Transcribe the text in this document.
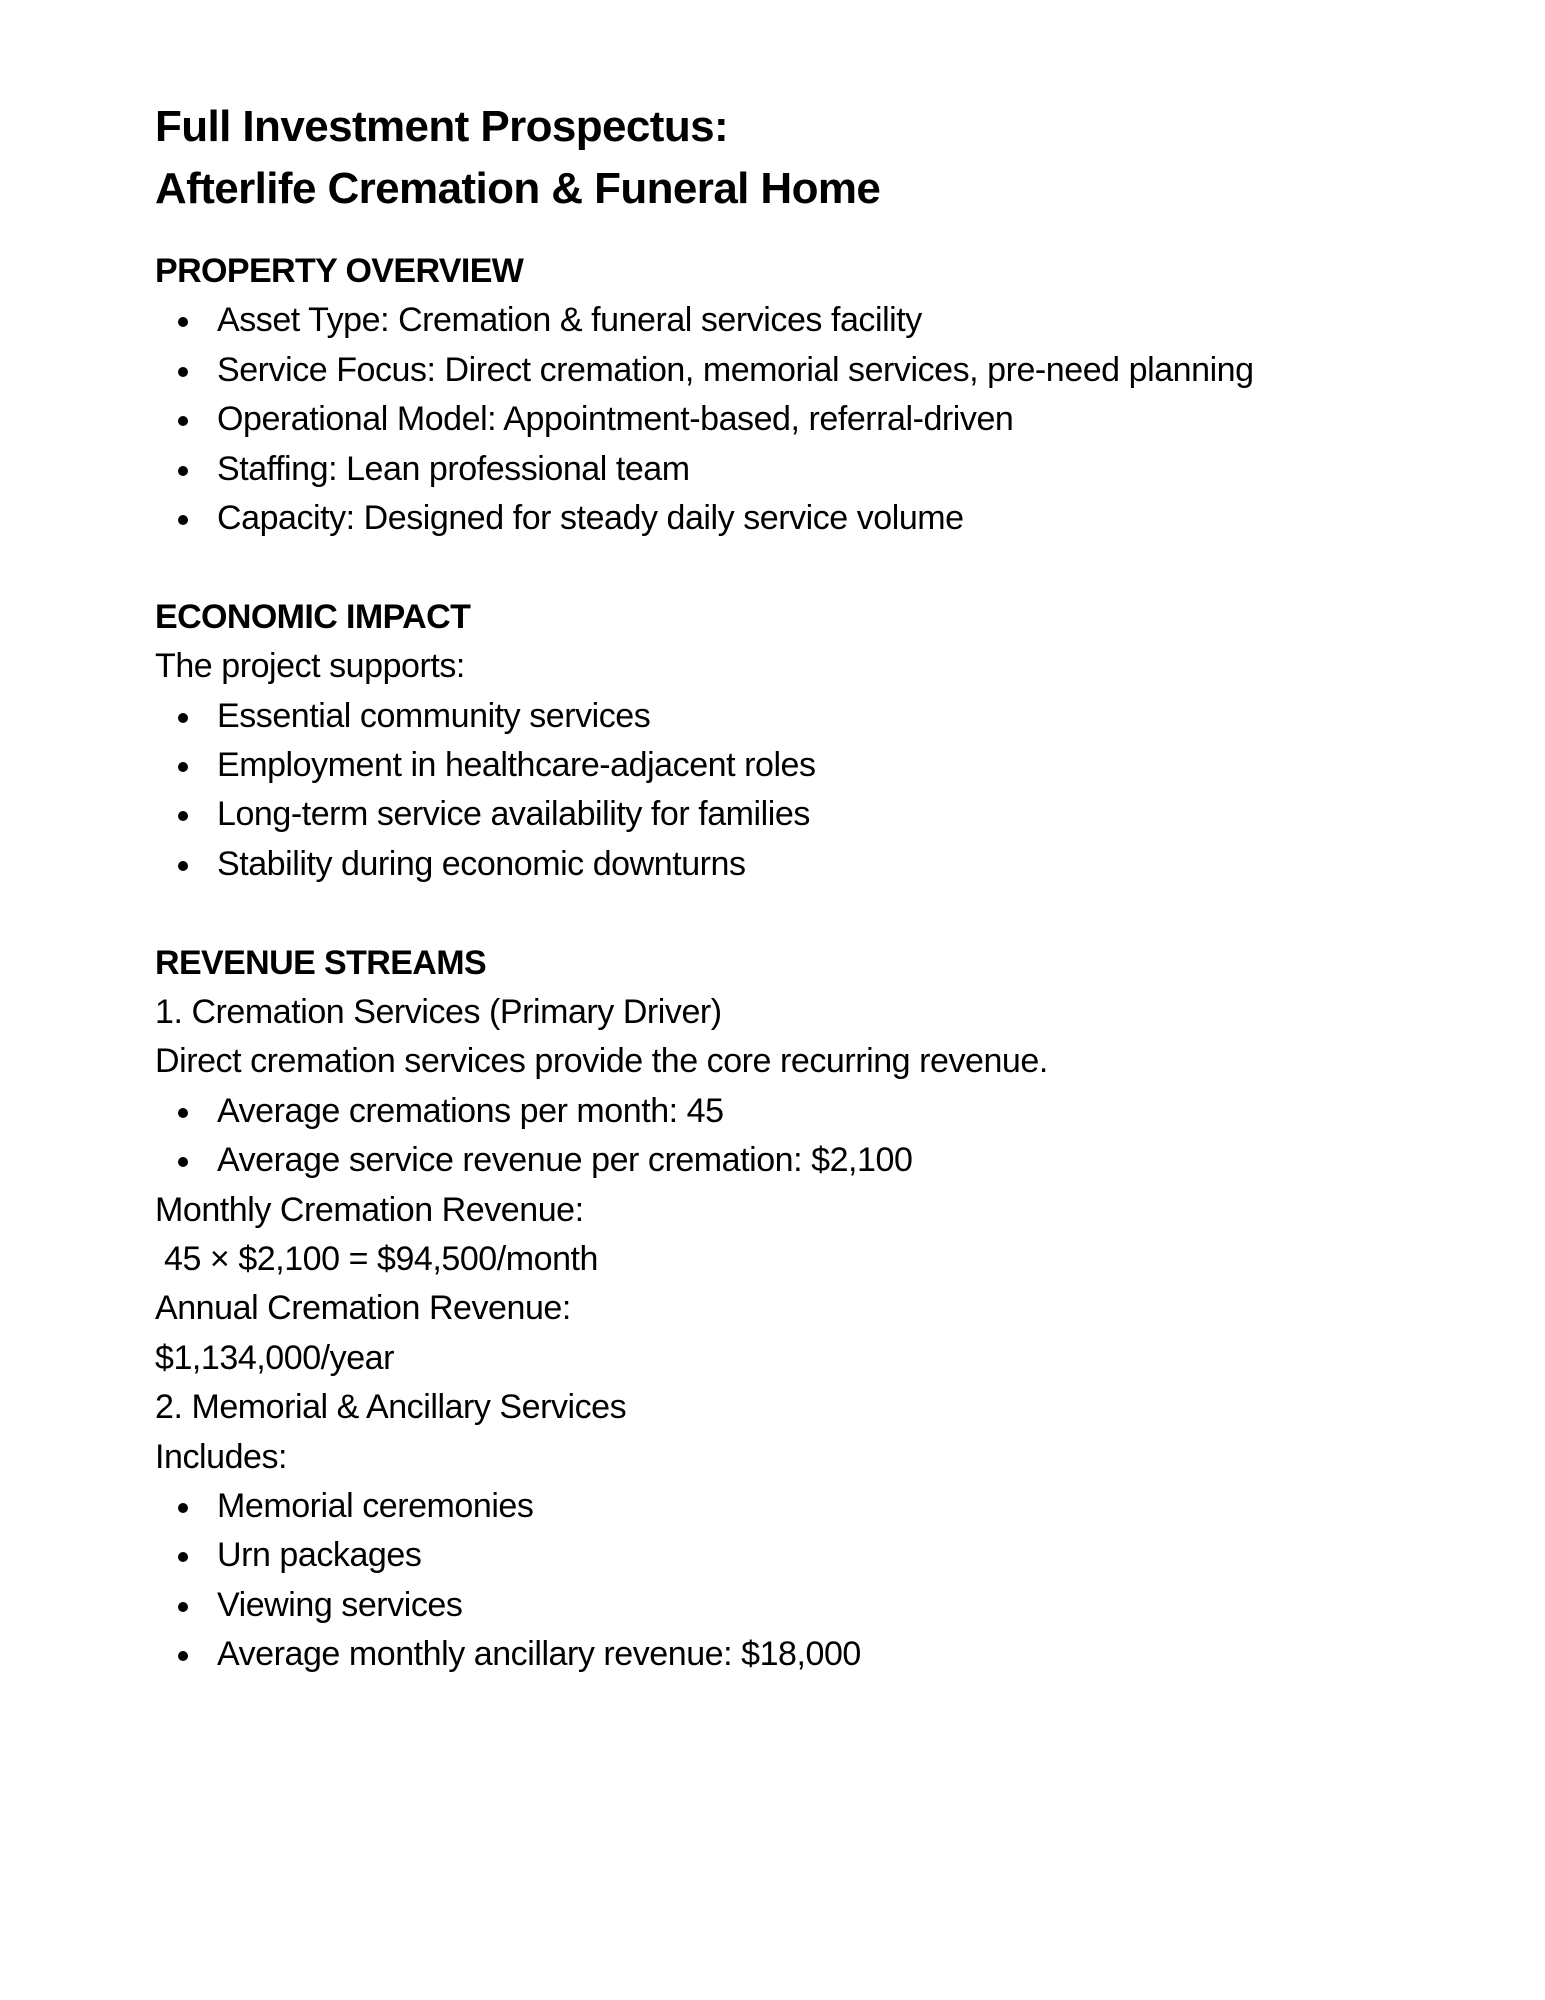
Full Investment Prospectus:
Afterlife Cremation & Funeral Home
PROPERTY OVERVIEW
Asset Type: Cremation & funeral services facility
Service Focus: Direct cremation, memorial services, pre-need planning
Operational Model: Appointment-based, referral-driven
Staffing: Lean professional team
Capacity: Designed for steady daily service volume
ECONOMIC IMPACT
The project supports:
Essential community services
Employment in healthcare-adjacent roles
Long-term service availability for families
Stability during economic downturns
REVENUE STREAMS
1. Cremation Services (Primary Driver)
Direct cremation services provide the core recurring revenue.
Average cremations per month: 45
Average service revenue per cremation: $2,100
Monthly Cremation Revenue:
45 × $2,100 = $94,500/month
Annual Cremation Revenue:
$1,134,000/year
2. Memorial & Ancillary Services
Includes:
Memorial ceremonies
Urn packages
Viewing services
Average monthly ancillary revenue: $18,000
